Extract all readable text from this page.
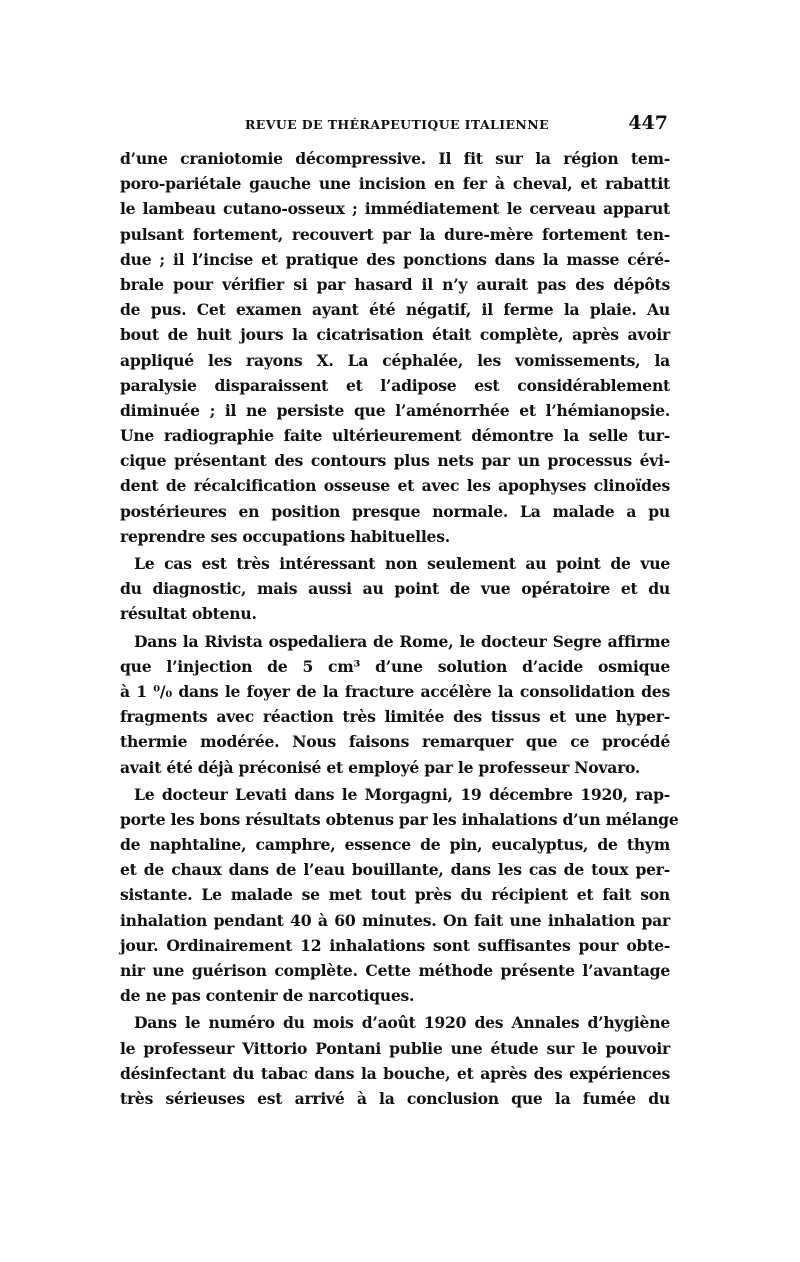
REVUE DE THÉRAPEUTIQUE ITALIENNE	447
d’une craniotomie décompressive. Il fit sur la région tem-
poro-pariétale gauche une incision en fer à cheval, et rabattit
le lambeau cutano-osseux ; immédiatement le cerveau apparut
pulsant fortement, recouvert par la dure-mère fortement ten-
due ; il l’incise et pratique des ponctions dans la masse céré-
brale pour vérifier si par hasard il n’y aurait pas des dépôts
de pus. Cet examen ayant été négatif, il ferme la plaie. Au
bout de huit jours la cicatrisation était complète, après avoir
appliqué les rayons X. La céphalée, les vomissements, la
paralysie disparaissent et l’adipose est considérablement
diminuée ; il ne persiste que l’aménorrhée et l’hémianopsie.
Une radiographie faite ultérieurement démontre la selle tur-
cique présentant des contours plus nets par un processus évi-
dent de récalcification osseuse et avec les apophyses clinoïdes
postérieures en position presque normale. La malade a pu
reprendre ses occupations habituelles.
Le cas est très intéressant non seulement au point de vue
du diagnostic, mais aussi au point de vue opératoire et du
résultat obtenu.
Dans la Rivista ospedaliera de Rome, le docteur Segre affirme
que l’injection de 5 cm³ d’une solution d’acide osmique
à 1 ⁰/₀ dans le foyer de la fracture accélère la consolidation des
fragments avec réaction très limitée des tissus et une hyper-
thermie modérée. Nous faisons remarquer que ce procédé
avait été déjà préconisé et employé par le professeur Novaro.
Le docteur Levati dans le Morgagni, 19 décembre 1920, rap-
porte les bons résultats obtenus par les inhalations d’un mélange
de naphtaline, camphre, essence de pin, eucalyptus, de thym
et de chaux dans de l’eau bouillante, dans les cas de toux per-
sistante. Le malade se met tout près du récipient et fait son
inhalation pendant 40 à 60 minutes. On fait une inhalation par
jour. Ordinairement 12 inhalations sont suffisantes pour obte-
nir une guérison complète. Cette méthode présente l’avantage
de ne pas contenir de narcotiques.
Dans le numéro du mois d’août 1920 des Annales d’hygiène
le professeur Vittorio Pontani publie une étude sur le pouvoir
désinfectant du tabac dans la bouche, et après des expériences
très sérieuses est arrivé à la conclusion que la fumée du
